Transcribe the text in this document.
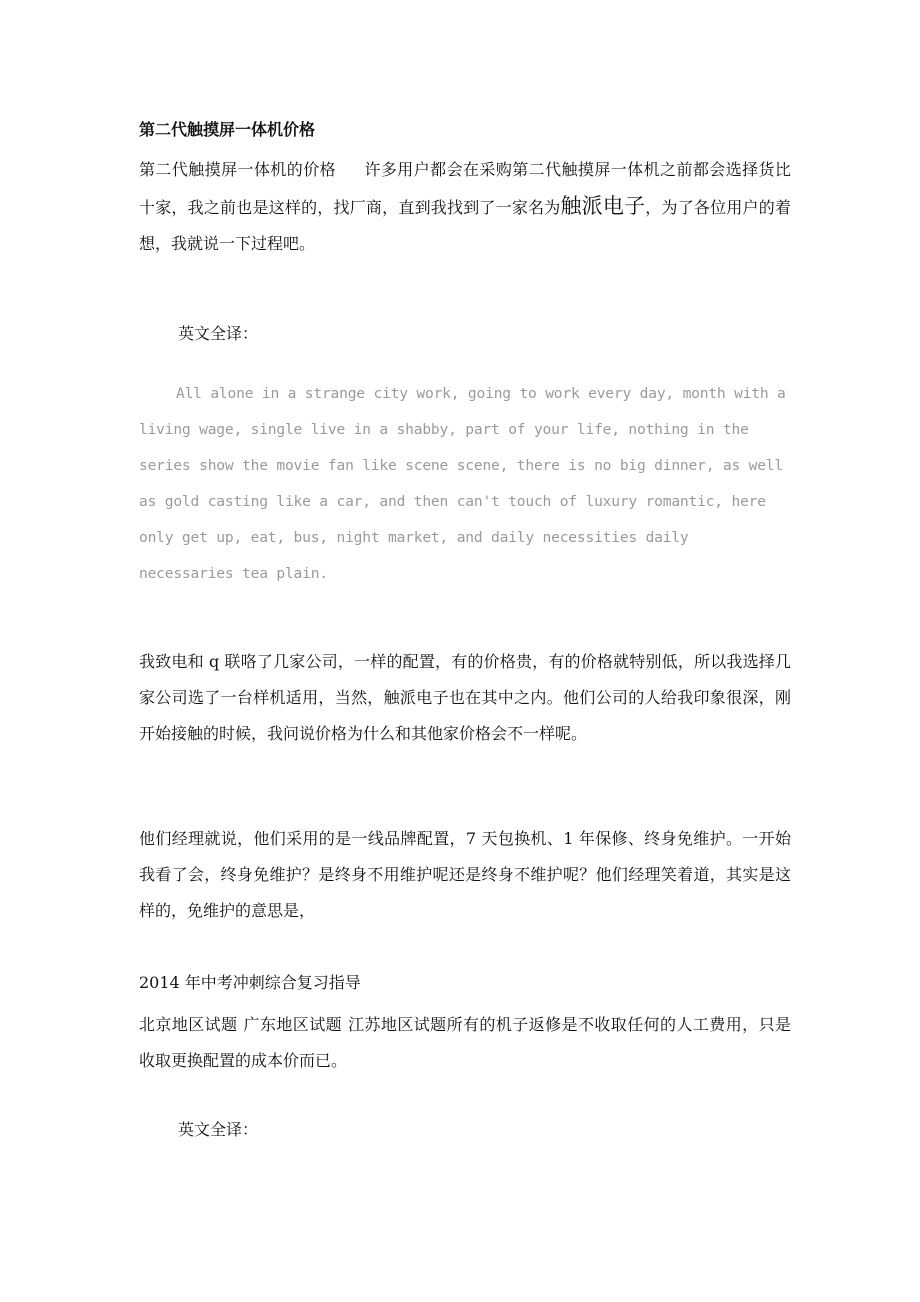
第二代触摸屏一体机价格

第二代触摸屏一体机的价格 许多用户都会在采购第二代触摸屏一体机之前都会选择货比十家，我之前也是这样的，找厂商，直到我找到了一家名为触派电子，为了各位用户的着想，我就说一下过程吧。

英文全译：

All alone in a strange city work, going to work every day, month with a living wage, single live in a shabby, part of your life, nothing in the series show the movie fan like scene scene, there is no big dinner, as well as gold casting like a car, and then can't touch of luxury romantic, here only get up, eat, bus, night market, and daily necessities daily necessaries tea plain.

我致电和 q 联咯了几家公司，一样的配置，有的价格贵，有的价格就特别低，所以我选择几家公司选了一台样机适用，当然，触派电子也在其中之内。他们公司的人给我印象很深，刚开始接触的时候，我问说价格为什么和其他家价格会不一样呢。

他们经理就说，他们采用的是一线品牌配置，7 天包换机、1 年保修、终身免维护。一开始我看了会，终身免维护？是终身不用维护呢还是终身不维护呢？他们经理笑着道，其实是这样的，免维护的意思是，

2014 年中考冲刺综合复习指导

北京地区试题 广东地区试题 江苏地区试题所有的机子返修是不收取任何的人工费用，只是收取更换配置的成本价而已。

英文全译：
